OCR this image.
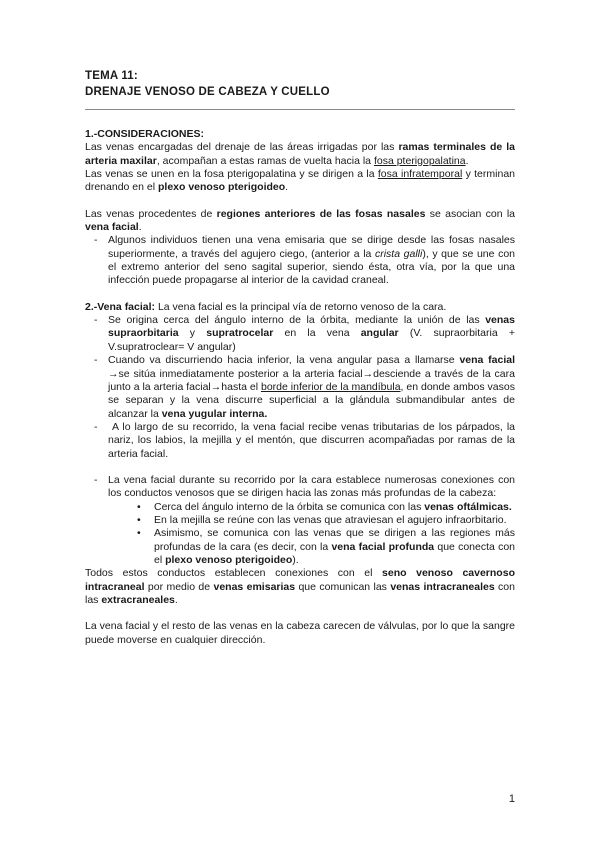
TEMA 11:
DRENAJE VENOSO DE CABEZA Y CUELLO
1.-CONSIDERACIONES:
Las venas encargadas del drenaje de las áreas irrigadas por las ramas terminales de la arteria maxilar, acompañan a estas ramas de vuelta hacia la fosa pterigopalatina.
Las venas se unen en la fosa pterigopalatina y se dirigen a la fosa infratemporal y terminan drenando en el plexo venoso pterigoideo.
Las venas procedentes de regiones anteriores de las fosas nasales se asocian con la vena facial.
- Algunos individuos tienen una vena emisaria que se dirige desde las fosas nasales superiormente, a través del agujero ciego, (anterior a la crista galli), y que se une con el extremo anterior del seno sagital superior, siendo ésta, otra vía, por la que una infección puede propagarse al interior de la cavidad craneal.
2.-Vena facial: La vena facial es la principal vía de retorno venoso de la cara.
- Se origina cerca del ángulo interno de la órbita, mediante la unión de las venas supraorbitaria y supratrocelar en la vena angular (V. supraorbitaria + V.supratroclear= V angular)
- Cuando va discurriendo hacia inferior, la vena angular pasa a llamarse vena facial →se sitúa inmediatamente posterior a la arteria facial→desciende a través de la cara junto a la arteria facial→hasta el borde inferior de la mandíbula, en donde ambos vasos se separan y la vena discurre superficial a la glándula submandibular antes de alcanzar la vena yugular interna.
- A lo largo de su recorrido, la vena facial recibe venas tributarias de los párpados, la nariz, los labios, la mejilla y el mentón, que discurren acompañadas por ramas de la arteria facial.
- La vena facial durante su recorrido por la cara establece numerosas conexiones con los conductos venosos que se dirigen hacia las zonas más profundas de la cabeza:
• Cerca del ángulo interno de la órbita se comunica con las venas oftálmicas.
• En la mejilla se reúne con las venas que atraviesan el agujero infraorbitario.
• Asimismo, se comunica con las venas que se dirigen a las regiones más profundas de la cara (es decir, con la vena facial profunda que conecta con el plexo venoso pterigoideo).
Todos estos conductos establecen conexiones con el seno venoso cavernoso intracraneal por medio de venas emisarias que comunican las venas intracraneales con las extracraneales.
La vena facial y el resto de las venas en la cabeza carecen de válvulas, por lo que la sangre puede moverse en cualquier dirección.
1
